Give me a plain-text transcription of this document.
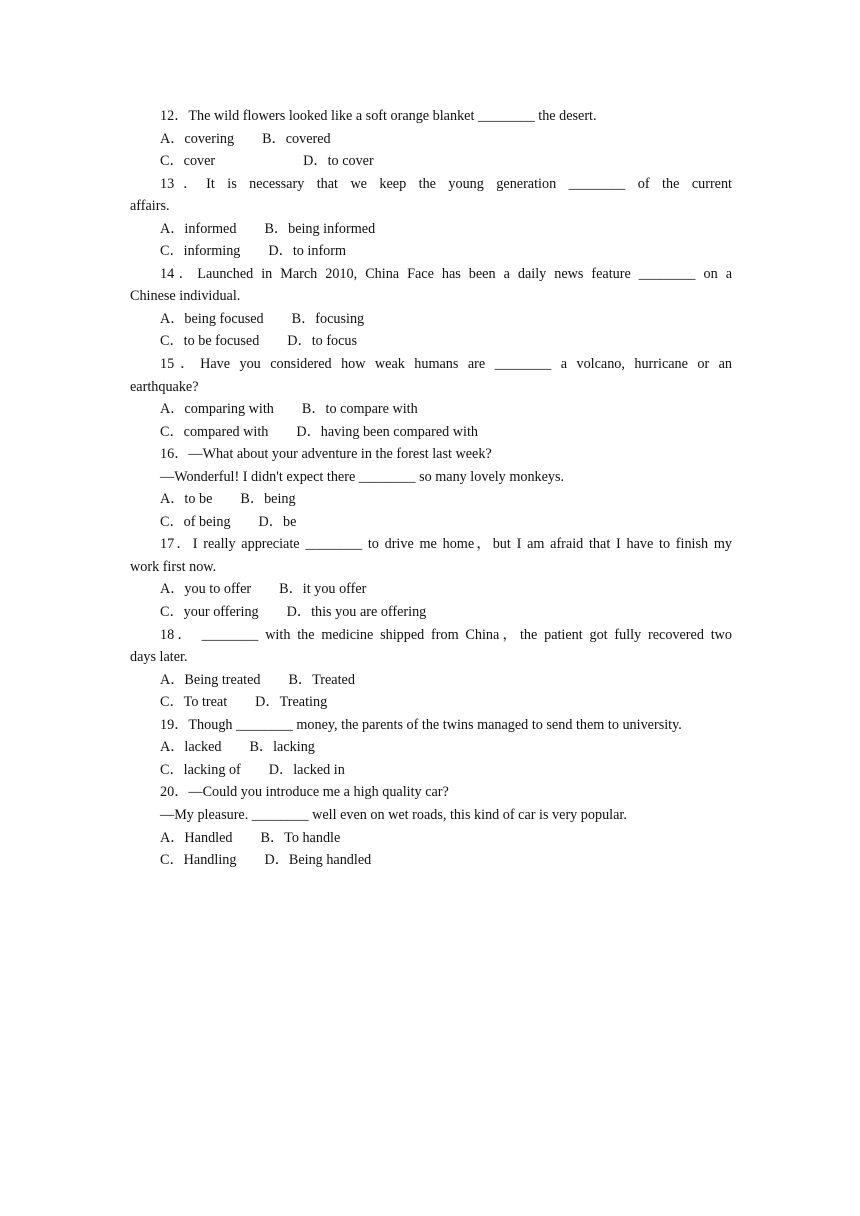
12．The wild flowers looked like a soft orange blanket ________ the desert.
A．covering B．covered
C．cover	D．to cover
13．It is necessary that we keep the young generation ________ of the current
affairs.
A．informed B．being informed
C．informing D．to inform
14．Launched in March 2010, China Face has been a daily news feature ________ on a
Chinese individual.
A．being focused B．focusing
C．to be focused D．to focus
15．Have you considered how weak humans are ________ a volcano, hurricane or an
earthquake?
A．comparing with B．to compare with
C．compared with D．having been compared with
16．—What about your adventure in the forest last week?
—Wonderful! I didn't expect there ________ so many lovely monkeys.
A．to be B．being
C．of being D．be
17．I really appreciate ________ to drive me home，but I am afraid that I have to finish my
work first now.
A．you to offer B．it you offer
C．your offering D．this you are offering
18． ________ with the medicine shipped from China，the patient got fully recovered two
days later.
A．Being treated B．Treated
C．To treat D．Treating
19．Though ________ money, the parents of the twins managed to send them to university.
A．lacked B．lacking
C．lacking of D．lacked in
20．—Could you introduce me a high quality car?
—My pleasure. ________ well even on wet roads, this kind of car is very popular.
A．Handled B．To handle
C．Handling D．Being handled
